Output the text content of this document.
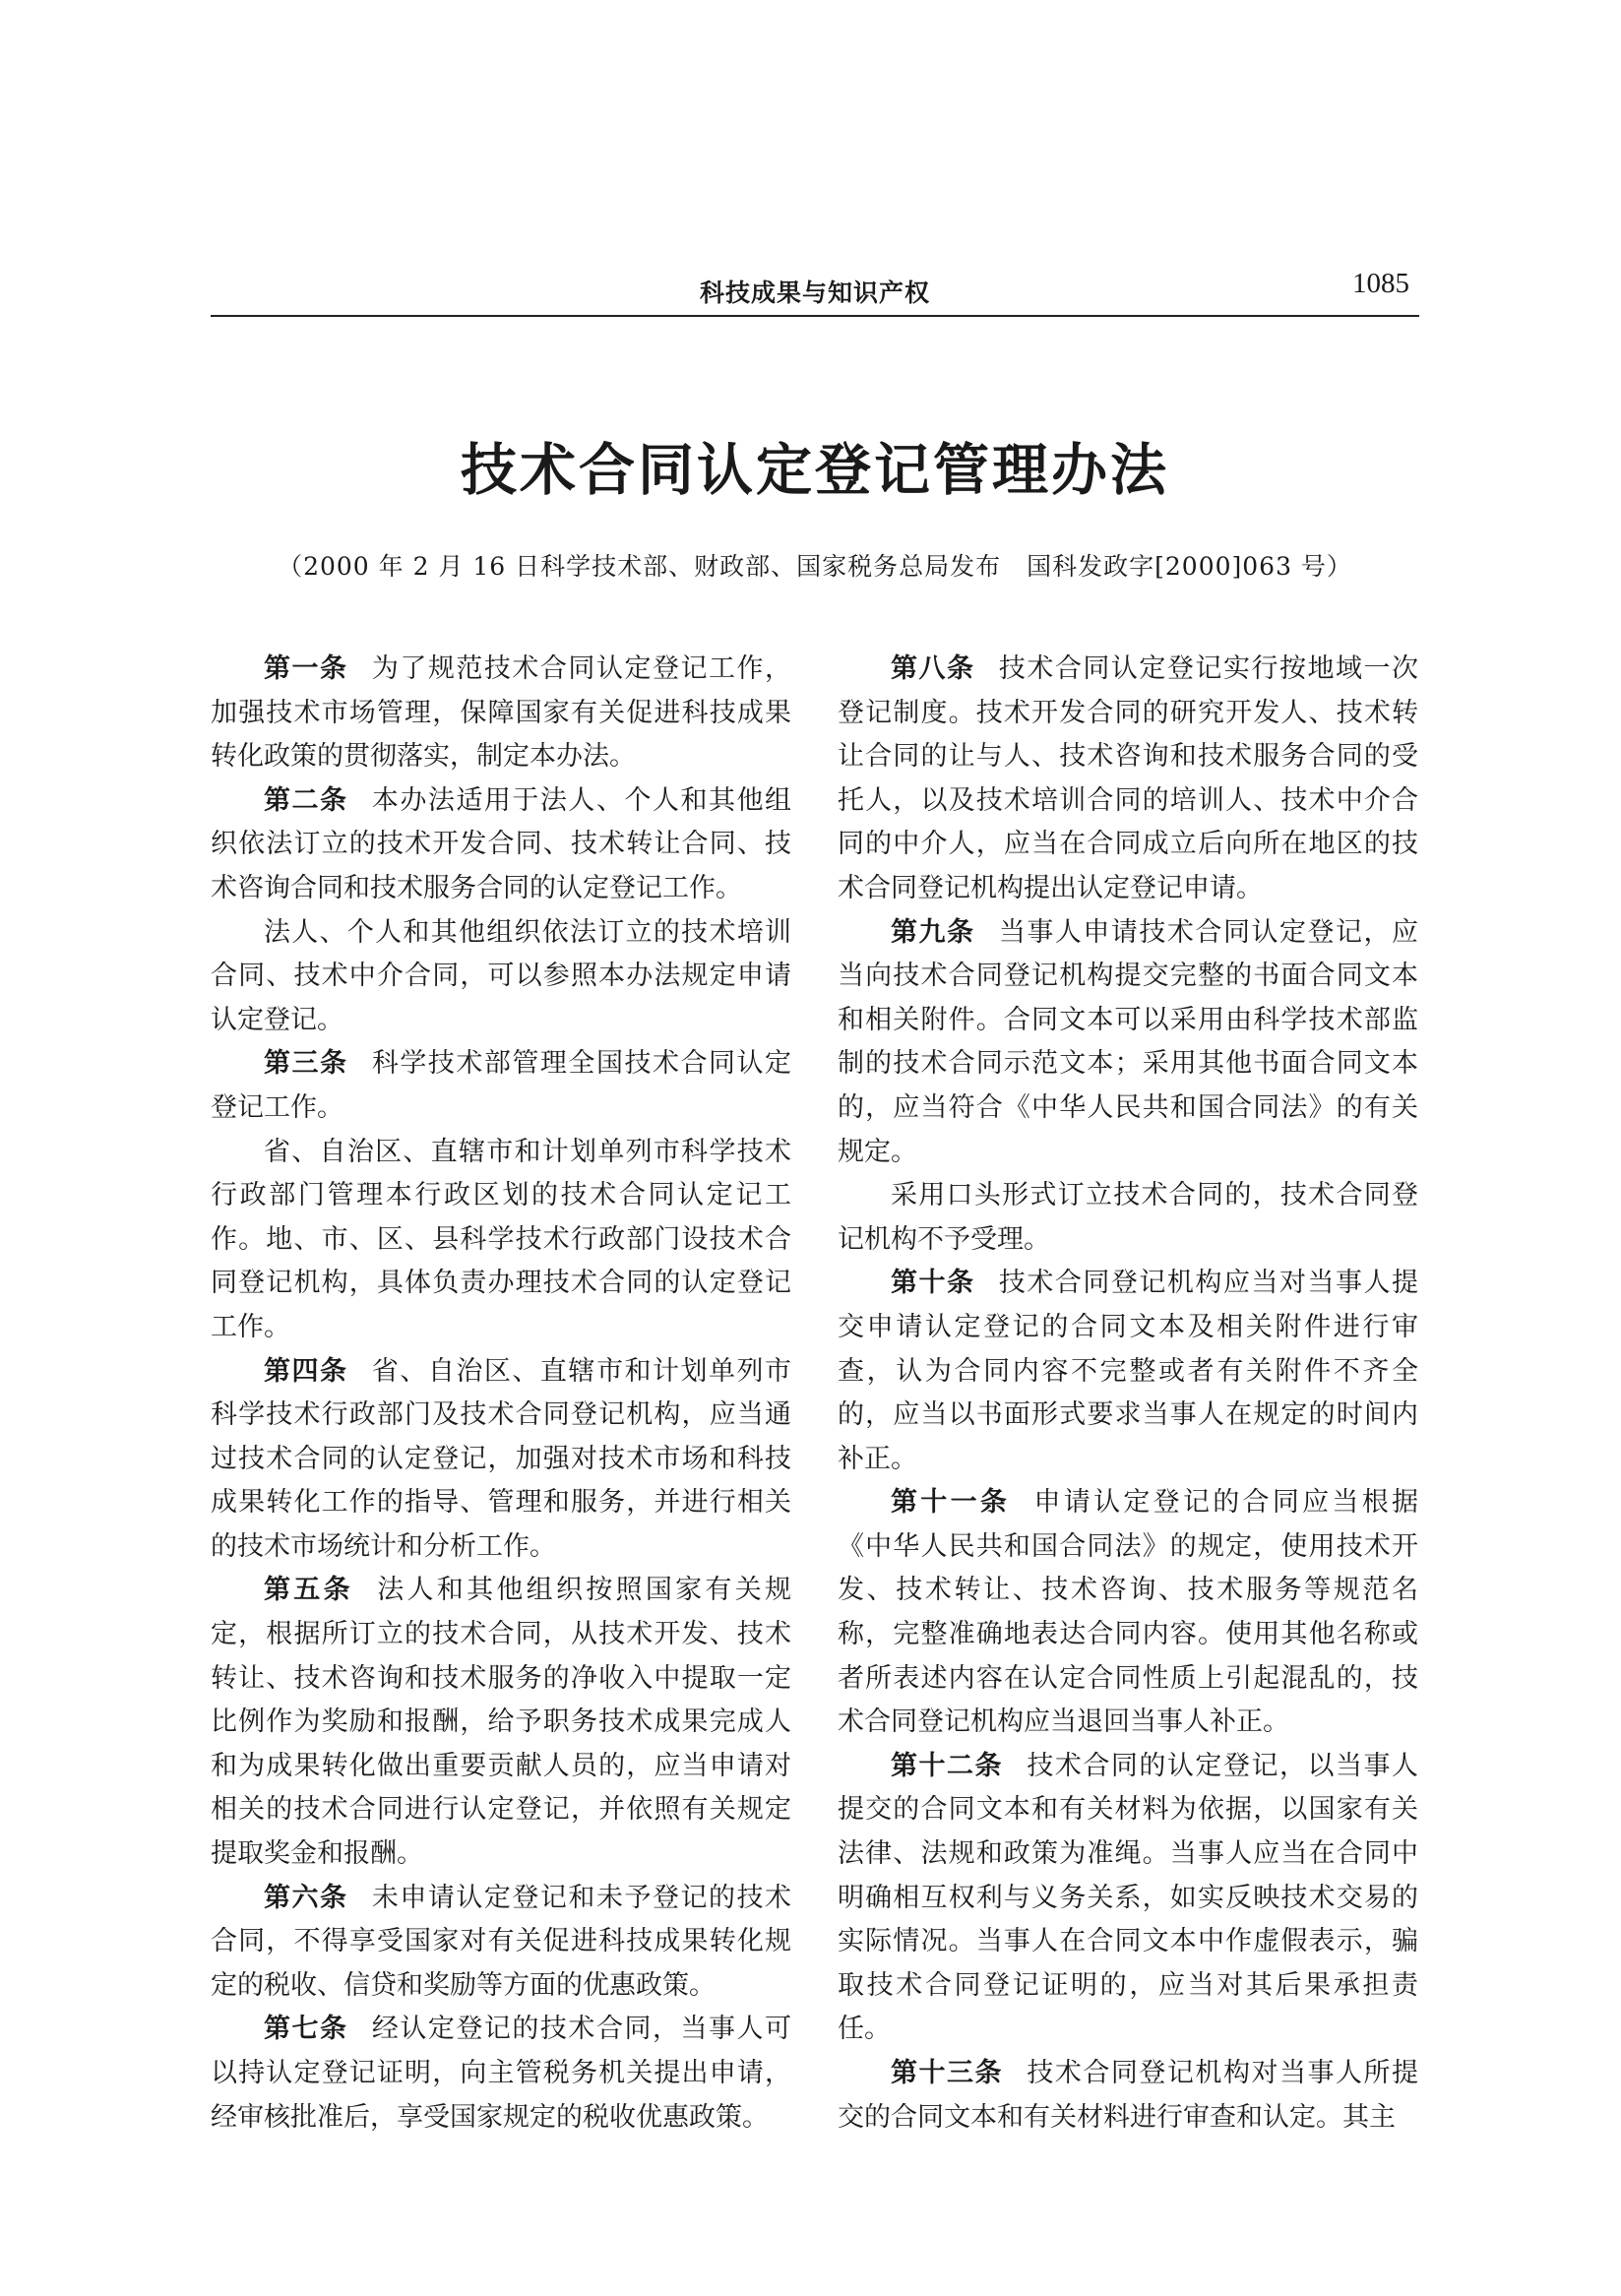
科技成果与知识产权	1085
技术合同认定登记管理办法
（2000 年 2 月 16 日科学技术部、财政部、国家税务总局发布　国科发政字[2000]063 号）

第一条 为了规范技术合同认定登记工作，加强技术市场管理，保障国家有关促进科技成果转化政策的贯彻落实，制定本办法。

第二条 本办法适用于法人、个人和其他组织依法订立的技术开发合同、技术转让合同、技术咨询合同和技术服务合同的认定登记工作。

法人、个人和其他组织依法订立的技术培训合同、技术中介合同，可以参照本办法规定申请认定登记。

第三条 科学技术部管理全国技术合同认定登记工作。

省、自治区、直辖市和计划单列市科学技术行政部门管理本行政区划的技术合同认定记工作。地、市、区、县科学技术行政部门设技术合同登记机构，具体负责办理技术合同的认定登记工作。

第四条 省、自治区、直辖市和计划单列市科学技术行政部门及技术合同登记机构，应当通过技术合同的认定登记，加强对技术市场和科技成果转化工作的指导、管理和服务，并进行相关的技术市场统计和分析工作。

第五条 法人和其他组织按照国家有关规定，根据所订立的技术合同，从技术开发、技术转让、技术咨询和技术服务的净收入中提取一定比例作为奖励和报酬，给予职务技术成果完成人和为成果转化做出重要贡献人员的，应当申请对相关的技术合同进行认定登记，并依照有关规定提取奖金和报酬。

第六条 未申请认定登记和未予登记的技术合同，不得享受国家对有关促进科技成果转化规定的税收、信贷和奖励等方面的优惠政策。

第七条 经认定登记的技术合同，当事人可以持认定登记证明，向主管税务机关提出申请，经审核批准后，享受国家规定的税收优惠政策。

第八条 技术合同认定登记实行按地域一次登记制度。技术开发合同的研究开发人、技术转让合同的让与人、技术咨询和技术服务合同的受托人，以及技术培训合同的培训人、技术中介合同的中介人，应当在合同成立后向所在地区的技术合同登记机构提出认定登记申请。

第九条 当事人申请技术合同认定登记，应当向技术合同登记机构提交完整的书面合同文本和相关附件。合同文本可以采用由科学技术部监制的技术合同示范文本；采用其他书面合同文本的，应当符合《中华人民共和国合同法》的有关规定。

采用口头形式订立技术合同的，技术合同登记机构不予受理。

第十条 技术合同登记机构应当对当事人提交申请认定登记的合同文本及相关附件进行审查，认为合同内容不完整或者有关附件不齐全的，应当以书面形式要求当事人在规定的时间内补正。

第十一条 申请认定登记的合同应当根据《中华人民共和国合同法》的规定，使用技术开发、技术转让、技术咨询、技术服务等规范名称，完整准确地表达合同内容。使用其他名称或者所表述内容在认定合同性质上引起混乱的，技术合同登记机构应当退回当事人补正。

第十二条 技术合同的认定登记，以当事人提交的合同文本和有关材料为依据，以国家有关法律、法规和政策为准绳。当事人应当在合同中明确相互权利与义务关系，如实反映技术交易的实际情况。当事人在合同文本中作虚假表示，骗取技术合同登记证明的，应当对其后果承担责任。

第十三条 技术合同登记机构对当事人所提交的合同文本和有关材料进行审查和认定。其主
